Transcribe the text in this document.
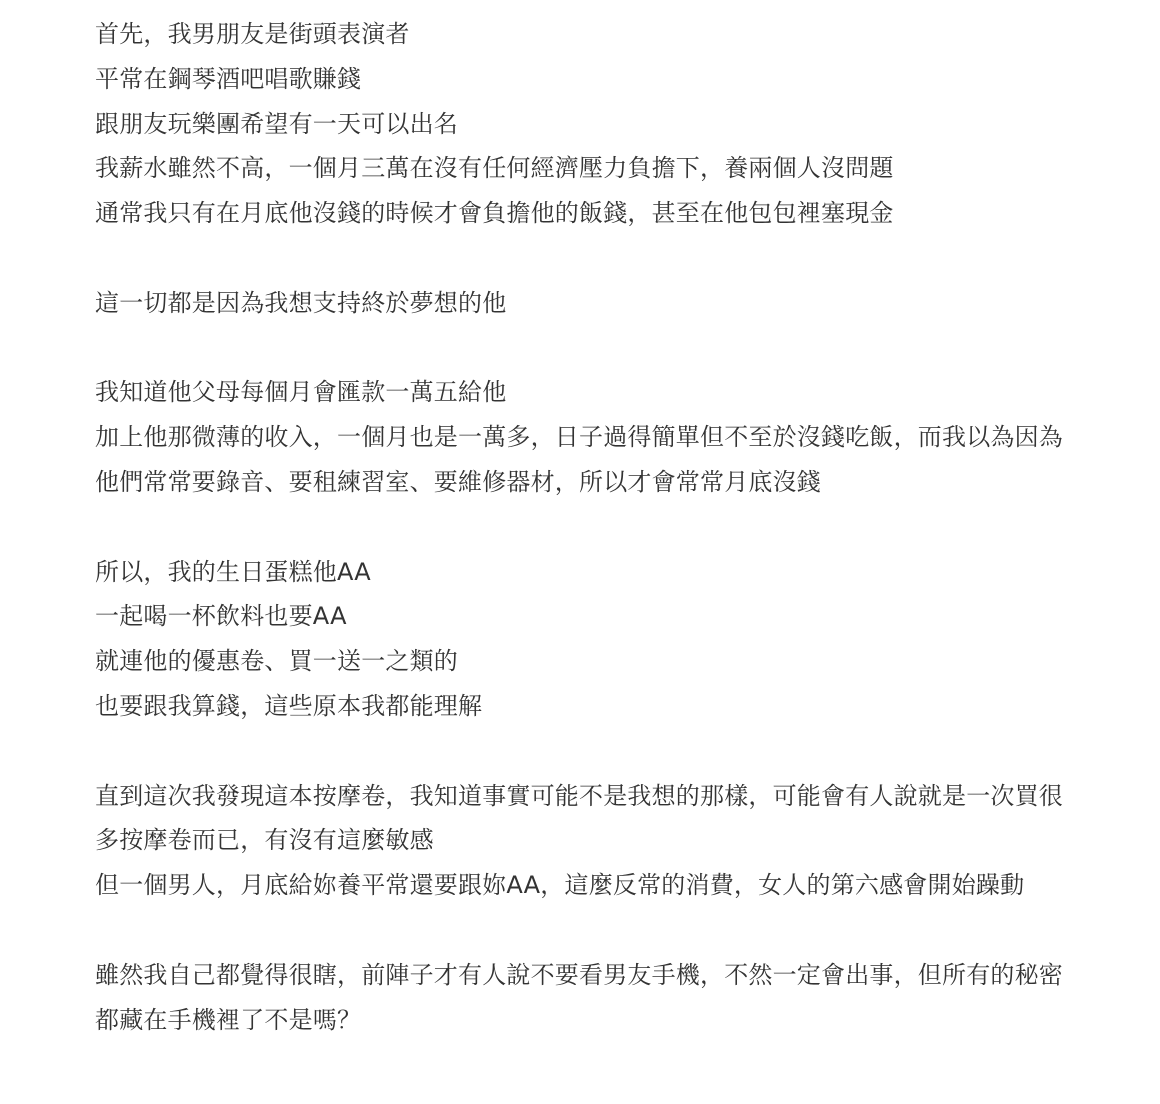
首先，我男朋友是街頭表演者
平常在鋼琴酒吧唱歌賺錢
跟朋友玩樂團希望有一天可以出名
我薪水雖然不高，一個月三萬在沒有任何經濟壓力負擔下，養兩個人沒問題
通常我只有在月底他沒錢的時候才會負擔他的飯錢，甚至在他包包裡塞現金
這一切都是因為我想支持終於夢想的他
我知道他父母每個月會匯款一萬五給他
加上他那微薄的收入，一個月也是一萬多，日子過得簡單但不至於沒錢吃飯，而我以為因為他們常常要錄音、要租練習室、要維修器材，所以才會常常月底沒錢
所以，我的生日蛋糕他AA
一起喝一杯飲料也要AA
就連他的優惠卷、買一送一之類的
也要跟我算錢，這些原本我都能理解
直到這次我發現這本按摩卷，我知道事實可能不是我想的那樣，可能會有人說就是一次買很多按摩卷而已，有沒有這麼敏感
但一個男人，月底給妳養平常還要跟妳AA，這麼反常的消費，女人的第六感會開始躁動
雖然我自己都覺得很瞎，前陣子才有人說不要看男友手機，不然一定會出事，但所有的秘密都藏在手機裡了不是嗎？
